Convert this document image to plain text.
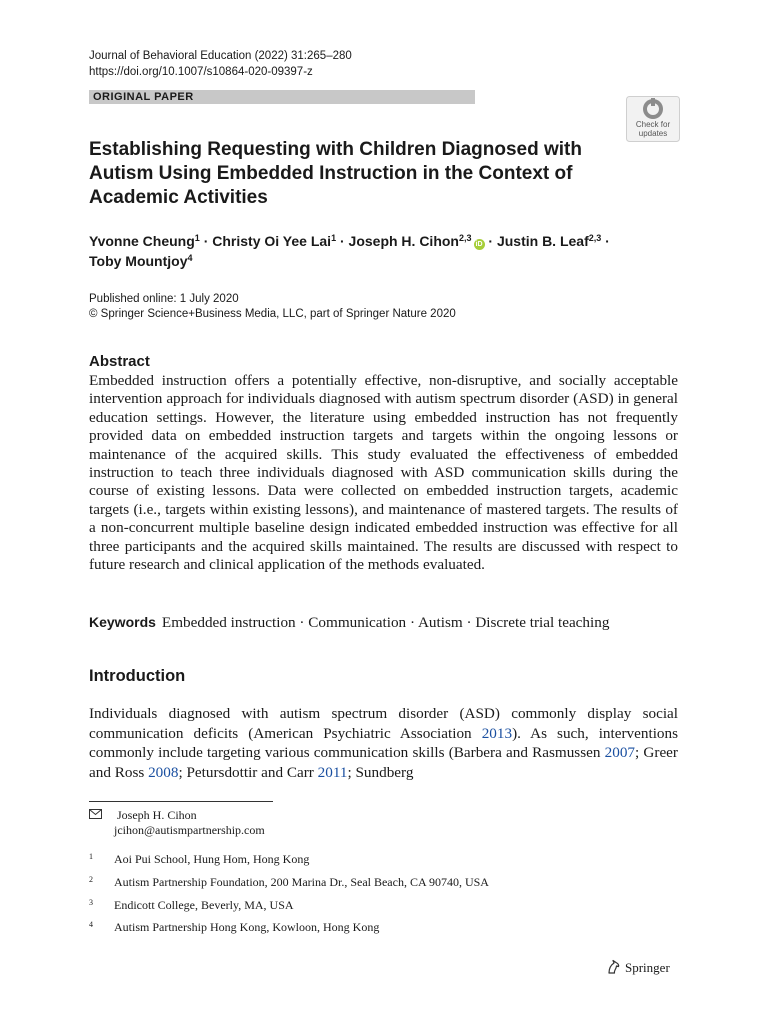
Journal of Behavioral Education (2022) 31:265–280
https://doi.org/10.1007/s10864-020-09397-z
ORIGINAL PAPER
Check for
updates
Establishing Requesting with Children Diagnosed with Autism Using Embedded Instruction in the Context of Academic Activities
Yvonne Cheung$^1$ · Christy Oi Yee Lai$^1$ · Joseph H. Cihon$^{2,3}$iD · Justin B. Leaf$^{2,3}$ ·
Toby Mountjoy$^4$
Published online: 1 July 2020
© Springer Science+Business Media, LLC, part of Springer Nature 2020
Abstract

Embedded instruction offers a potentially effective, non-disruptive, and socially acceptable intervention approach for individuals diagnosed with autism spectrum disorder (ASD) in general education settings. However, the literature using embedded instruction has not frequently provided data on embedded instruction targets and targets within the ongoing lessons or maintenance of the acquired skills. This study evaluated the effectiveness of embedded instruction to teach three individuals diagnosed with ASD communication skills during the course of existing lessons. Data were collected on embedded instruction targets, academic targets (i.e., targets within existing lessons), and maintenance of mastered targets. The results of a non-concurrent multiple baseline design indicated embedded instruction was effective for all three participants and the acquired skills maintained. The results are discussed with respect to future research and clinical application of the methods evaluated.

Keywords Embedded instruction · Communication · Autism · Discrete trial teaching
Introduction

Individuals diagnosed with autism spectrum disorder (ASD) commonly display social communication deficits (American Psychiatric Association 2013). As such, interventions commonly include targeting various communication skills (Barbera and Rasmussen 2007; Greer and Ross 2008; Petursdottir and Carr 2011; Sundberg

Joseph H. Cihon
jcihon@autismpartnership.com
$^1$ Aoi Pui School, Hung Hom, Hong Kong
$^2$ Autism Partnership Foundation, 200 Marina Dr., Seal Beach, CA 90740, USA
$^3$ Endicott College, Beverly, MA, USA
$^4$ Autism Partnership Hong Kong, Kowloon, Hong Kong
Springer
